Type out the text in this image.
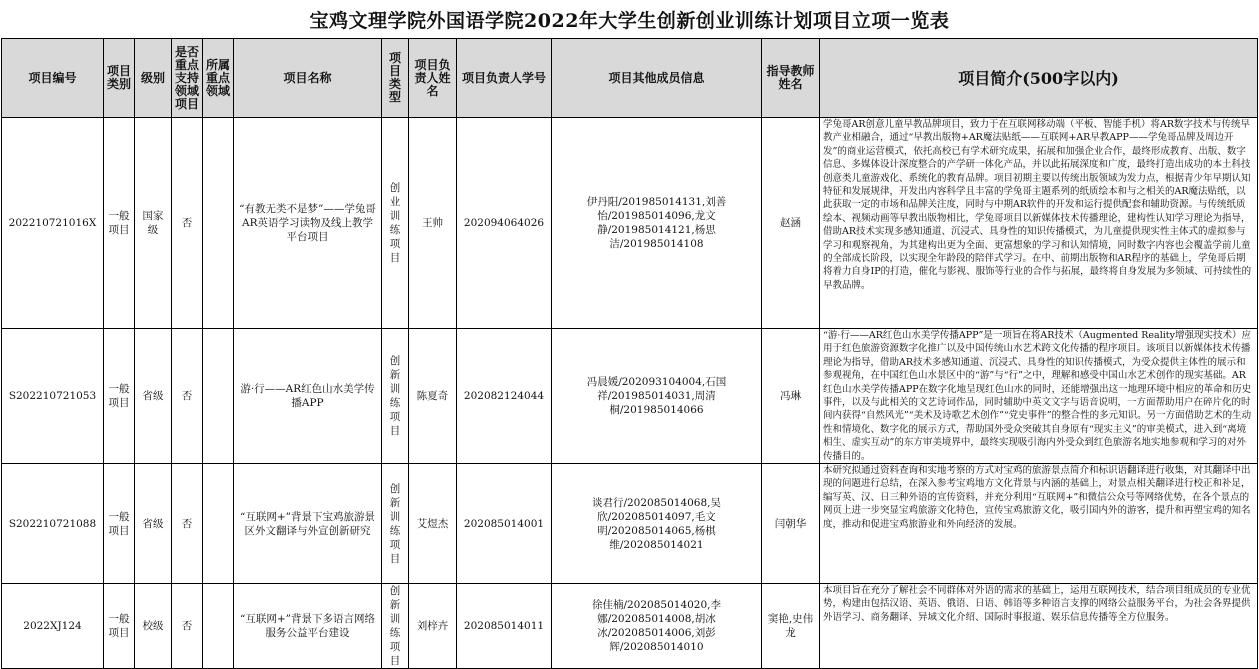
宝鸡文理学院外国语学院2022年大学生创新创业训练计划项目立项一览表
项目编号	项目类别	级别	是否重点支持领域项目	所属重点领域	项目名称	项目类型	项目负责人姓名	项目负责人学号	项目其他成员信息	指导教师姓名	项目简介(500字以内)
202210721016X	一般项目	国家级	否		“有教无类不是梦”——学兔哥AR英语学习读物及线上教学平台项目	创业训练项目	王帅	202094064026	伊丹阳/201985014131,刘善怡/201985014096,龙文静/201985014121,杨思洁/201985014108	赵涵	学兔哥AR创意儿童早教品牌项目，致力于在互联网移动端（平板、智能手机）将AR数字技术与传统早教产业相融合，通过“早教出版物+AR魔法贴纸——互联网+AR早教APP——学兔哥品牌及周边开发”的商业运营模式，依托高校已有学术研究成果，拓展和加强企业合作，最终形成教育、出版、数字信息、多媒体设计深度整合的产学研一体化产品，并以此拓展深度和广度，最终打造出成功的本土科技创意类儿童游戏化、系统化的教育品牌。项目初期主要以传统出版领域为发力点，根据青少年早期认知特征和发展规律，开发出内容科学且丰富的学兔哥主题系列的纸质绘本和与之相关的AR魔法贴纸，以此获取一定的市场和品牌关注度，同时与中期AR软件的开发和运行提供配套和辅助资源。与传统纸质绘本、视频动画等早教出版物相比，学兔哥项目以新媒体技术传播理论，建构性认知学习理论为指导，借助AR技术实现多感知通道、沉浸式、具身性的知识传播模式，为儿童提供现实性主体式的虚拟参与学习和观察视角，为其建构出更为全面、更富想象的学习和认知情境，同时数字内容也会覆盖学前儿童的全部成长阶段，以实现全年龄段的陪伴式学习。在中、前期出版物和AR程序的基础上，学兔哥后期将着力自身IP的打造，催化与影视、服饰等行业的合作与拓展，最终将自身发展为多领域、可持续性的早教品牌。

S202210721053	一般项目	省级	否		游·行——AR红色山水美学传播APP	创新训练项目	陈夏奇	202082124044	冯晨媛/202093104004,石国祥/201985014031,周清桐/201985014066	冯琳	“游·行——AR红色山水美学传播APP”是一项旨在将AR技术（Augmented Reality增强现实技术）应用于红色旅游资源数字化推广以及中国传统山水艺术跨文化传播的程序项目。该项目以新媒体技术传播理论为指导，借助AR技术多感知通道、沉浸式、具身性的知识传播模式，为受众提供主体性的展示和参观视角，在中国红色山水景区中的“游”与“行”之中，理解和感受中国山水艺术创作的现实基础。AR红色山水美学传播APP在数字化地呈现红色山水的同时，还能增强出这一地理环境中相应的革命和历史事件，以及与此相关的文艺诗词作品，同时辅助中英文文字与语音说明，一方面帮助用户在碎片化的时间内获得“自然风光”“美术及诗歌艺术创作”“党史事件”的整合性的多元知识。另一方面借助艺术的生动性和情境化、数字化的展示方式，帮助国外受众突破其自身原有“现实主义”的审美模式，进入到“离境相生、虚实互动”的东方审美境界中，最终实现吸引海内外受众到红色旅游名地实地参观和学习的对外传播目的。

S202210721088	一般项目	省级	否		“互联网+”背景下宝鸡旅游景区外文翻译与外宣创新研究	创新训练项目	艾煜杰	202085014001	谈君行/202085014068,吴欣/202085014097,毛文明/202085014065,杨棋维/202085014021	闫朝华	本研究拟通过资料查询和实地考察的方式对宝鸡的旅游景点简介和标识语翻译进行收集，对其翻译中出现的问题进行总结，在深入参考宝鸡地方文化背景与内涵的基础上，对景点相关翻译进行校正和补足，编写英、汉、日三种外语的宣传资料，并充分利用“互联网+”和微信公众号等网络优势，在各个景点的网页上进一步突显宝鸡旅游文化特色，宣传宝鸡旅游文化，吸引国内外的游客，提升和再塑宝鸡的知名度，推动和促进宝鸡旅游业和外向经济的发展。

2022XJ124	一般项目	校级	否		“互联网+”背景下多语言网络服务公益平台建设	创新训练项目	刘梓卉	202085014011	徐佳楠/202085014020,李娜/202085014008,胡冰冰/202085014006,刘彭辉/202085014010	窦艳,史伟龙	本项目旨在充分了解社会不同群体对外语的需求的基础上，运用互联网技术，结合项目组成员的专业优势，构建由包括汉语、英语、俄语、日语、韩语等多种语言支撑的网络公益服务平台，为社会各界提供外语学习、商务翻译、异域文化介绍、国际时事报道、娱乐信息传播等全方位服务。
